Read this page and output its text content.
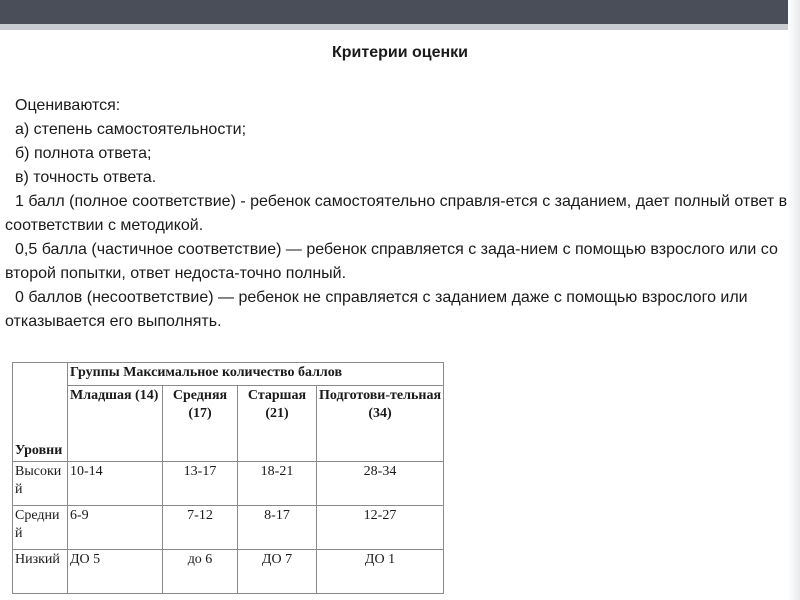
Критерии оценки

Оцениваются:

а) степень самостоятельности;

б) полнота ответа;

в) точность ответа.

1 балл (полное соответствие) - ребенок самостоятельно справля-ется с заданием, дает полный ответ в соответствии с методикой.

0,5 балла (частичное соответствие) — ребенок справляется с зада-нием с помощью взрослого или со второй попытки, ответ недоста-точно полный.

0 баллов (несоответствие) — ребенок не справляется с заданием даже с помощью взрослого или отказывается его выполнять.

Уровни	Группы Максимальное количество баллов			
	Младшая (14)	Средняя (17)	Старшая (21)	Подготови-тельная (34)
Высокий	10-14	13-17	18-21	28-34
Средний	6-9	7-12	8-17	12-27
Низкий	ДО 5	до 6	ДО 7	ДО 1
